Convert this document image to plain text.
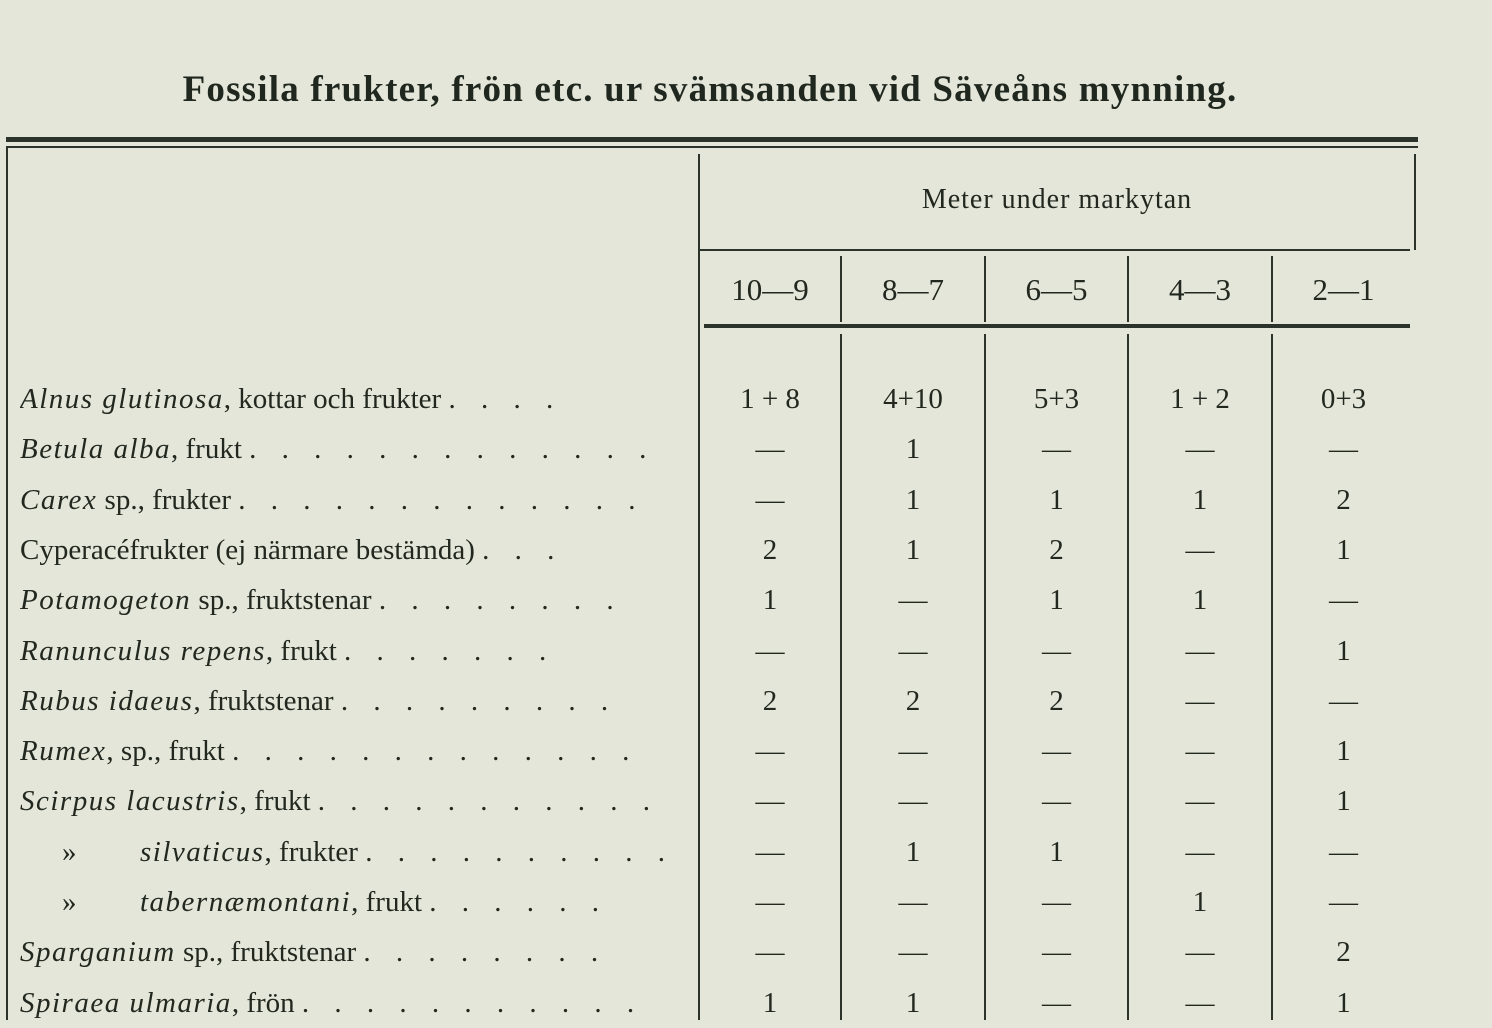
Fossila frukter, frön etc. ur svämsanden vid Säveåns mynning.
Meter under markytan
10—9	8—7	6—5	4—3	2—1
Alnus glutinosa, kottar och frukter . . . .	1 + 8	4+10	5+3	1 + 2	0+3
Betula alba, frukt . . . . . . . . . . . . .	—	1	—	—	—
Carex sp., frukter . . . . . . . . . . . . .	—	1	1	1	2
Cyperacéfrukter (ej närmare bestämda) . . .	2	1	2	—	1
Potamogeton sp., fruktstenar . . . . . . . .	1	—	1	1	—
Ranunculus repens, frukt . . . . . . .	—	—	—	—	1
Rubus idaeus, fruktstenar . . . . . . . . .	2	2	2	—	—
Rumex, sp., frukt . . . . . . . . . . . . .	—	—	—	—	1
Scirpus lacustris, frukt . . . . . . . . . . .	—	—	—	—	1
» silvaticus, frukter . . . . . . . . . .	—	1	1	—	—
» tabernæmontani, frukt . . . . . .	—	—	—	1	—
Sparganium sp., fruktstenar . . . . . . . .	—	—	—	—	2
Spiraea ulmaria, frön . . . . . . . . . . .	1	1	—	—	1
